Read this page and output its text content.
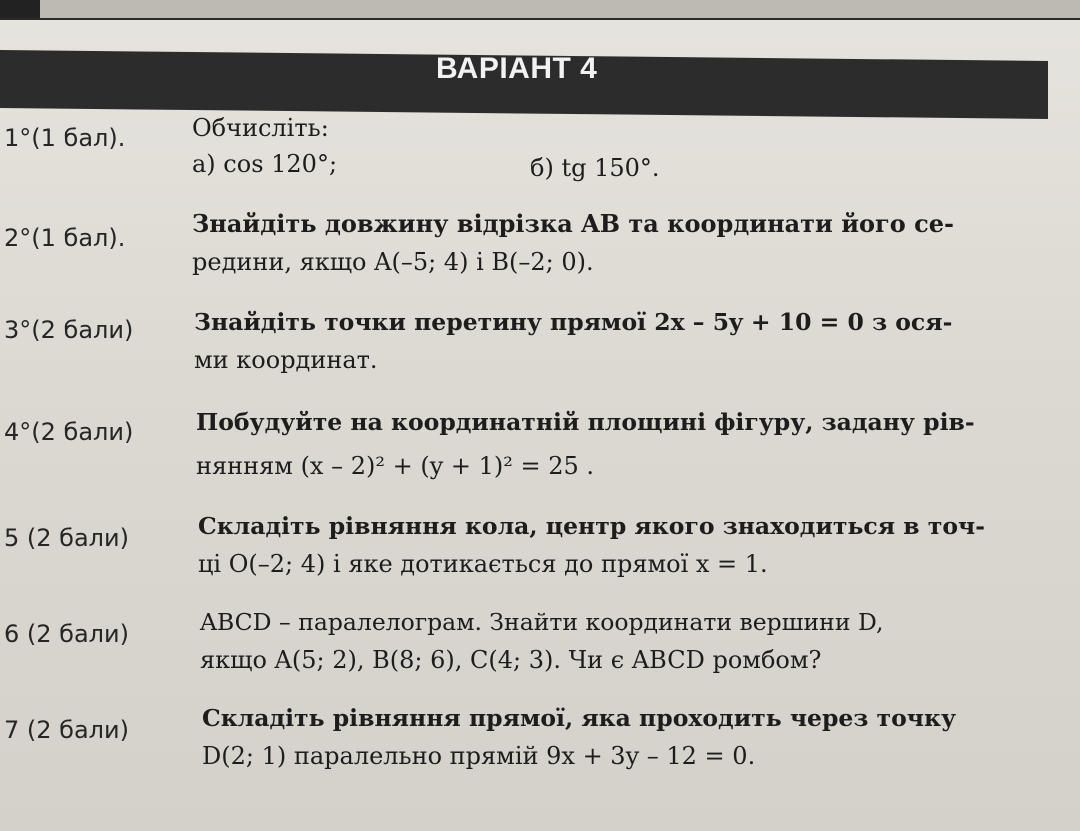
ВАРІАНТ 4
1°(1 бал).	Обчисліть:
а) cos 120°;	б) tg 150°.
2°(1 бал).	Знайдіть довжину відрізка AB та координати його се-
редини, якщо A(–5; 4) і B(–2; 0).
3°(2 бали)	Знайдіть точки перетину прямої 2x – 5y + 10 = 0 з ося-
ми координат.
4°(2 бали)	Побудуйте на координатній площині фігуру, задану рів-
нянням (x – 2)² + (y + 1)² = 25 .
5 (2 бали)	Складіть рівняння кола, центр якого знаходиться в точ-
ці O(–2; 4) і яке дотикається до прямої x = 1.
6 (2 бали)	ABCD – паралелограм. Знайти координати вершини D,
якщо A(5; 2), B(8; 6), C(4; 3). Чи є ABCD ромбом?
7 (2 бали)	Складіть рівняння прямої, яка проходить через точку
D(2; 1) паралельно прямій 9x + 3y – 12 = 0.
